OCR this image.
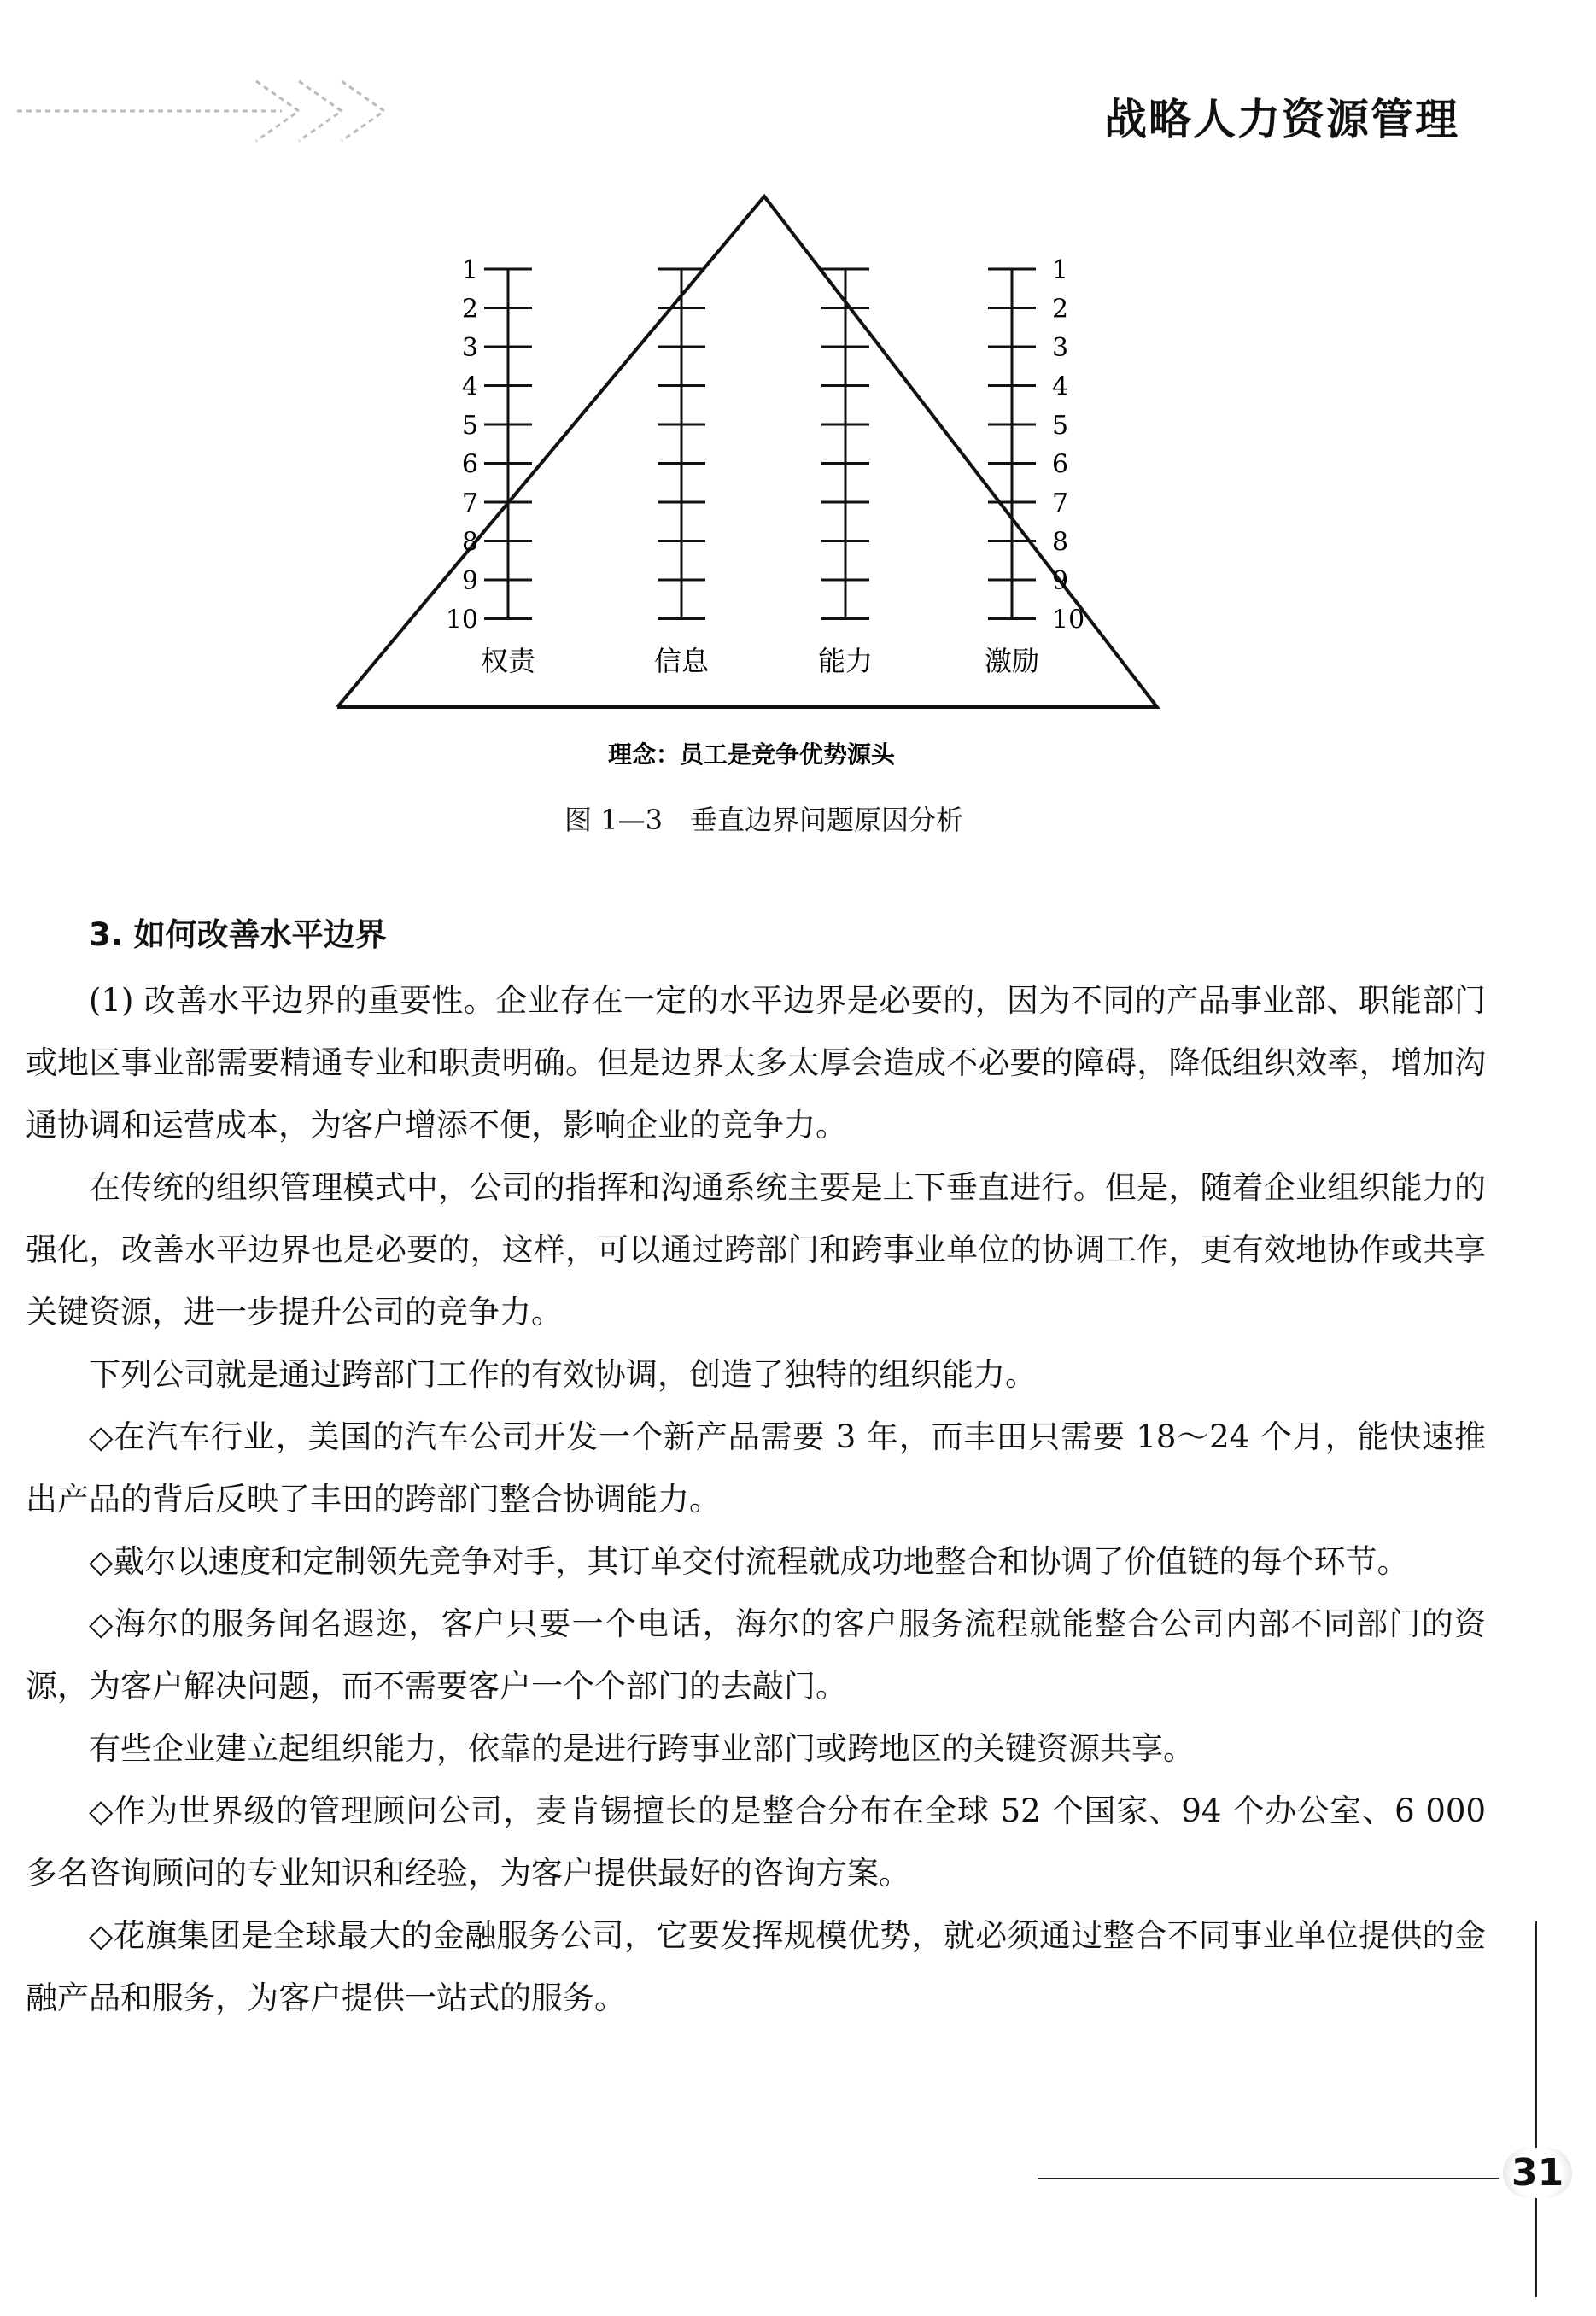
战略人力资源管理
1
2
3
4
5
6
7
8
9
10
1
2
3
4
5
6
7
8
9
10
权责	信息	能力	激励
理念：员工是竞争优势源头
图 1—3　垂直边界问题原因分析
3. 如何改善水平边界

(1) 改善水平边界的重要性。企业存在一定的水平边界是必要的，因为不同的产品事业部、职能部门或地区事业部需要精通专业和职责明确。但是边界太多太厚会造成不必要的障碍，降低组织效率，增加沟通协调和运营成本，为客户增添不便，影响企业的竞争力。

在传统的组织管理模式中，公司的指挥和沟通系统主要是上下垂直进行。但是，随着企业组织能力的强化，改善水平边界也是必要的，这样，可以通过跨部门和跨事业单位的协调工作，更有效地协作或共享关键资源，进一步提升公司的竞争力。

下列公司就是通过跨部门工作的有效协调，创造了独特的组织能力。

◇在汽车行业，美国的汽车公司开发一个新产品需要 3 年，而丰田只需要 18～24 个月，能快速推出产品的背后反映了丰田的跨部门整合协调能力。

◇戴尔以速度和定制领先竞争对手，其订单交付流程就成功地整合和协调了价值链的每个环节。

◇海尔的服务闻名遐迩，客户只要一个电话，海尔的客户服务流程就能整合公司内部不同部门的资源，为客户解决问题，而不需要客户一个个部门的去敲门。

有些企业建立起组织能力，依靠的是进行跨事业部门或跨地区的关键资源共享。

◇作为世界级的管理顾问公司，麦肯锡擅长的是整合分布在全球 52 个国家、94 个办公室、6 000 多名咨询顾问的专业知识和经验，为客户提供最好的咨询方案。

◇花旗集团是全球最大的金融服务公司，它要发挥规模优势，就必须通过整合不同事业单位提供的金融产品和服务，为客户提供一站式的服务。

31
